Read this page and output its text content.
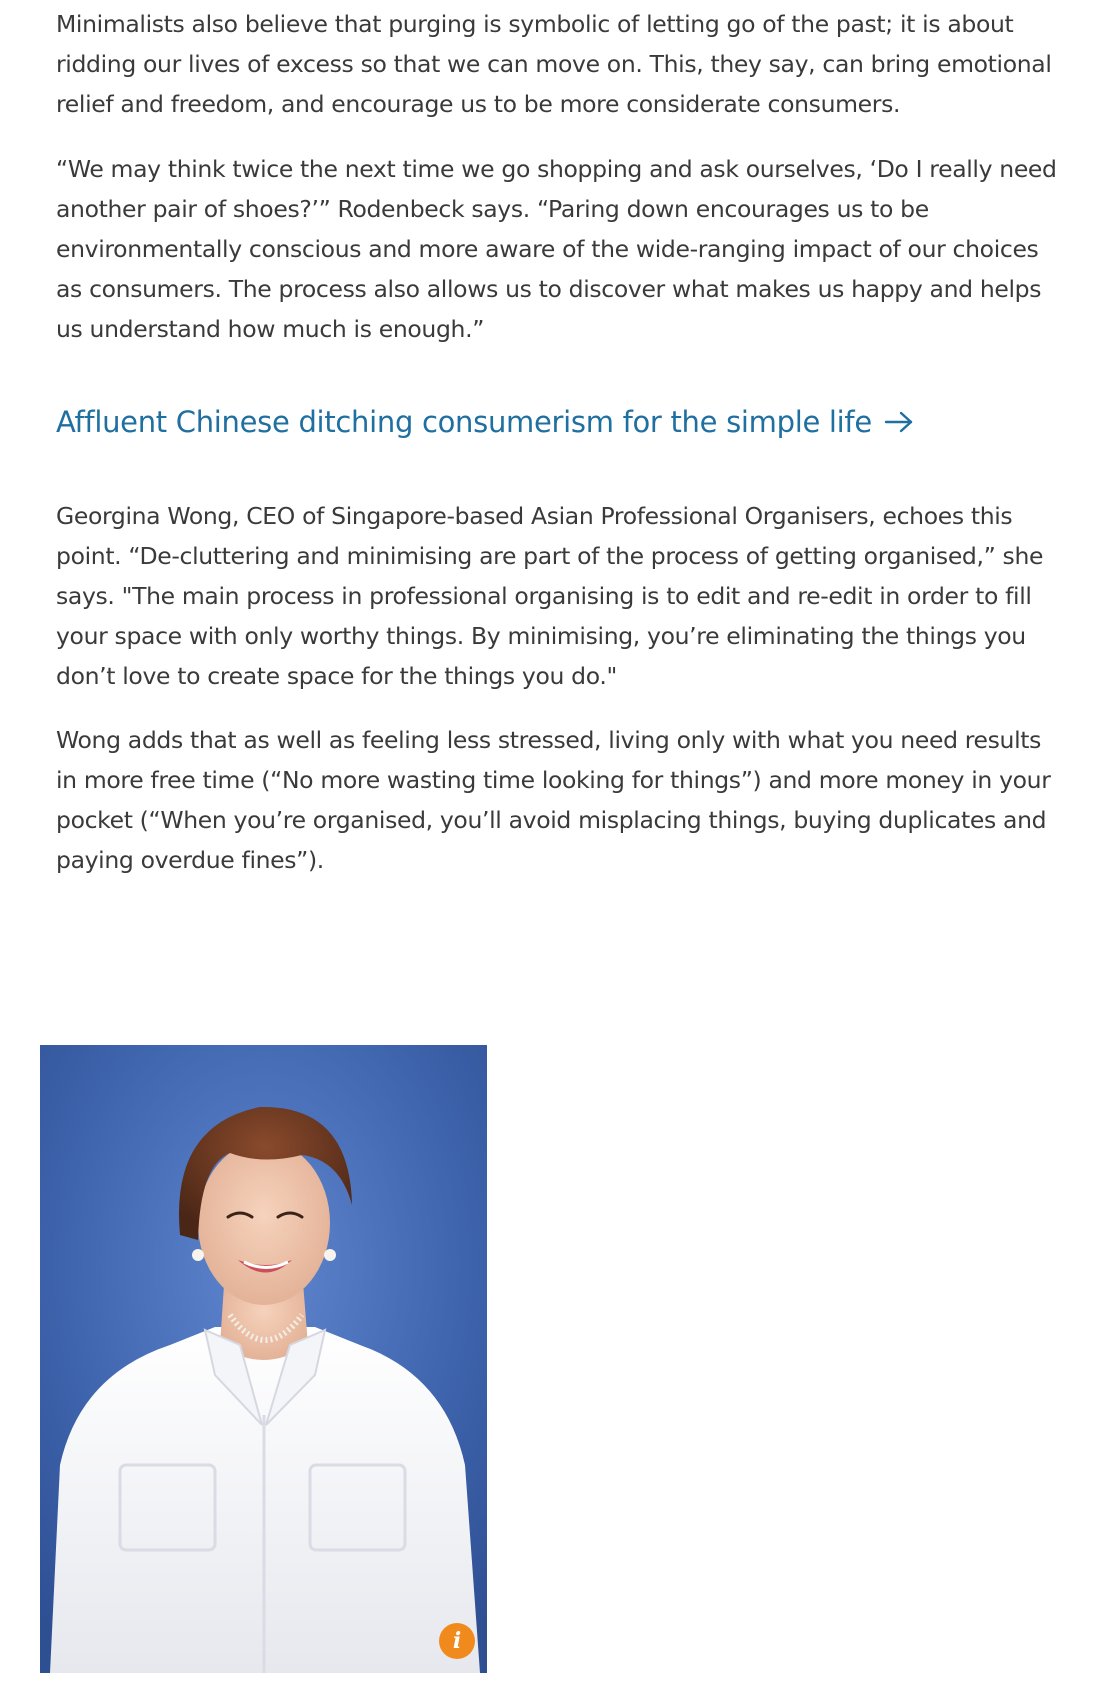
Minimalists also believe that purging is symbolic of letting go of the past; it is about ridding our lives of excess so that we can move on. This, they say, can bring emotional relief and freedom, and encourage us to be more considerate consumers.

“We may think twice the next time we go shopping and ask ourselves, ‘Do I really need another pair of shoes?’” Rodenbeck says. “Paring down encourages us to be environmentally conscious and more aware of the wide-ranging impact of our choices as consumers. The process also allows us to discover what makes us happy and helps us understand how much is enough.”

Affluent Chinese ditching consumerism for the simple life

Georgina Wong, CEO of Singapore-based Asian Professional Organisers, echoes this point. “De-cluttering and minimising are part of the process of getting organised,” she says. "The main process in professional organising is to edit and re-edit in order to fill your space with only worthy things. By minimising, you’re eliminating the things you don’t love to create space for the things you do."

Wong adds that as well as feeling less stressed, living only with what you need results in more free time (“No more wasting time looking for things”) and more money in your pocket (“When you’re organised, you’ll avoid misplacing things, buying duplicates and paying overdue fines”).

i
